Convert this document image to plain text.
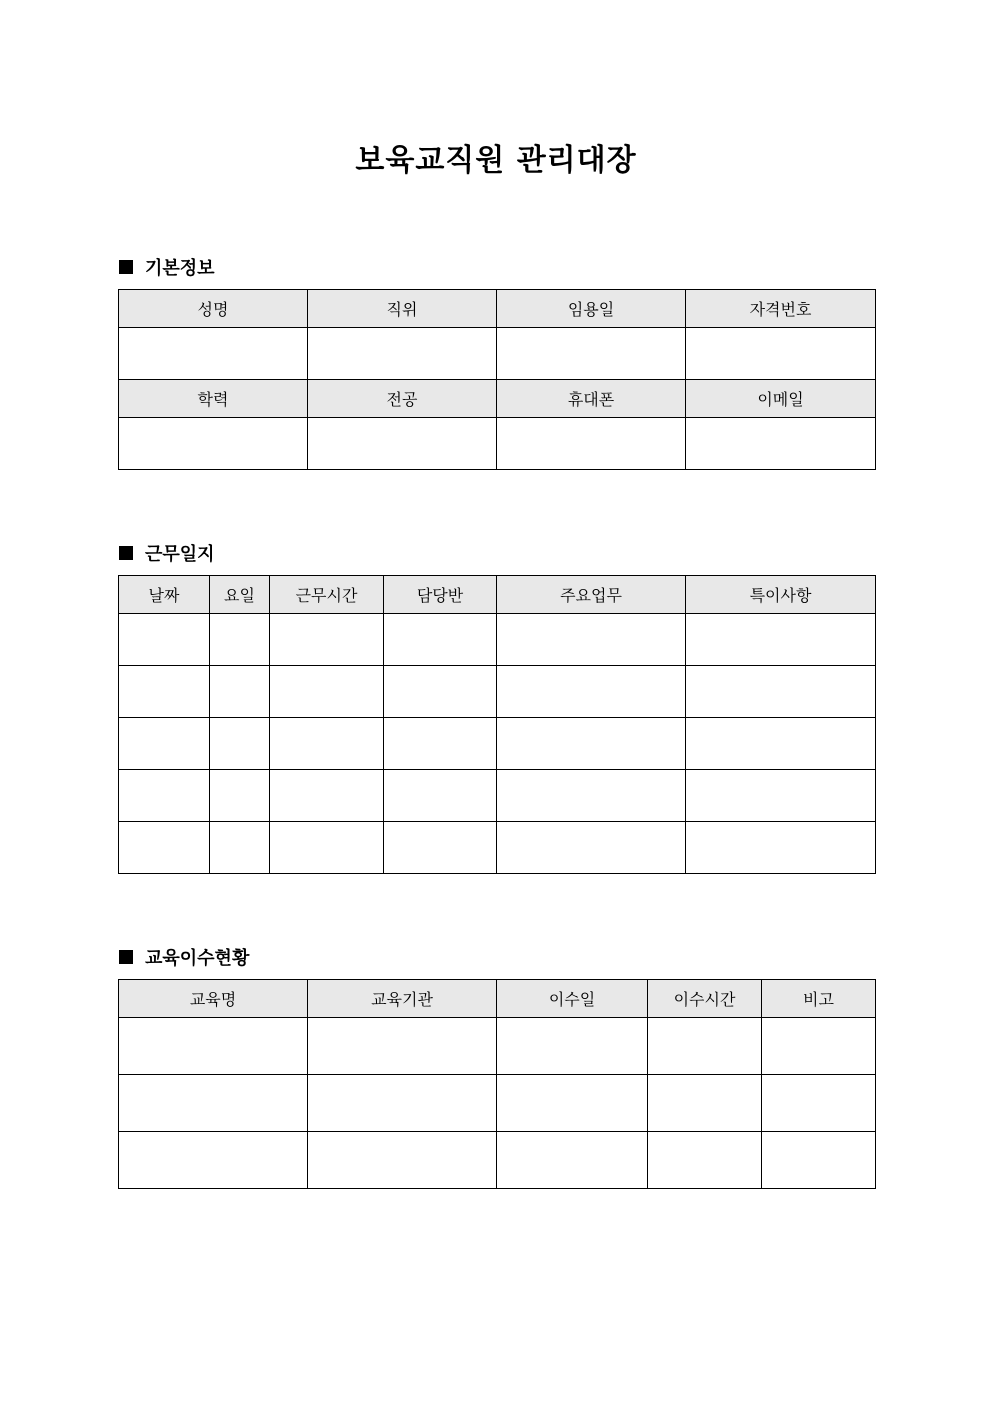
보육교직원 관리대장
기본정보
성명	직위	임용일	자격번호

학력	전공	휴대폰	이메일

근무일지
날짜	요일	근무시간	담당반	주요업무	특이사항

교육이수현황
교육명	교육기관	이수일	이수시간	비고
